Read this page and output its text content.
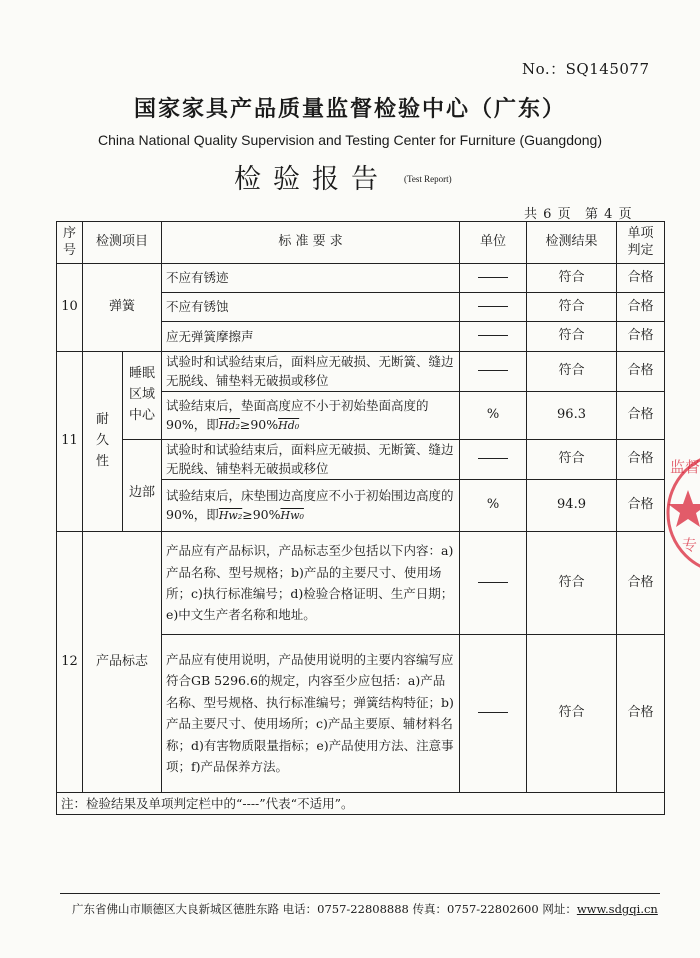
No.：SQ145077
国家家具产品质量监督检验中心（广东）
China National Quality Supervision and Testing Center for Furniture (Guangdong)
检验报告 (Test Report)
共 6 页 第 4 页
序号	检测项目		标 准 要 求	单位	检测结果	单项判定
10	弹簧		不应有锈迹		符合	合格
			不应有锈蚀		符合	合格
			应无弹簧摩擦声		符合	合格
11	耐久性	睡眠区域中心	试验时和试验结束后，面料应无破损、无断簧、缝边无脱线、铺垫料无破损或移位		符合	合格
			试验结束后，垫面高度应不小于初始垫面高度的90%，即Hd₂≥90%Hd₀	%	96.3	合格
		边部	试验时和试验结束后，面料应无破损、无断簧、缝边无脱线、铺垫料无破损或移位		符合	合格
			试验结束后，床垫围边高度应不小于初始围边高度的90%，即Hw₂≥90%Hw₀	%	94.9	合格
12	产品标志		产品应有产品标识，产品标志至少包括以下内容：a)产品名称、型号规格；b)产品的主要尺寸、使用场所；c)执行标准编号；d)检验合格证明、生产日期；e)中文生产者名称和地址。		符合	合格
			产品应有使用说明，产品使用说明的主要内容编写应符合GB 5296.6的规定，内容至少应包括：a)产品名称、型号规格、执行标准编号；弹簧结构特征；b)产品主要尺寸、使用场所；c)产品主要原、辅材料名称；d)有害物质限量指标；e)产品使用方法、注意事项；f)产品保养方法。		符合	合格
注：检验结果及单项判定栏中的“----”代表“不适用”。						
广东省佛山市顺德区大良新城区德胜东路 电话：0757-22808888 传真：0757-22802600 网址：www.sdgqi.cn
监督
专
